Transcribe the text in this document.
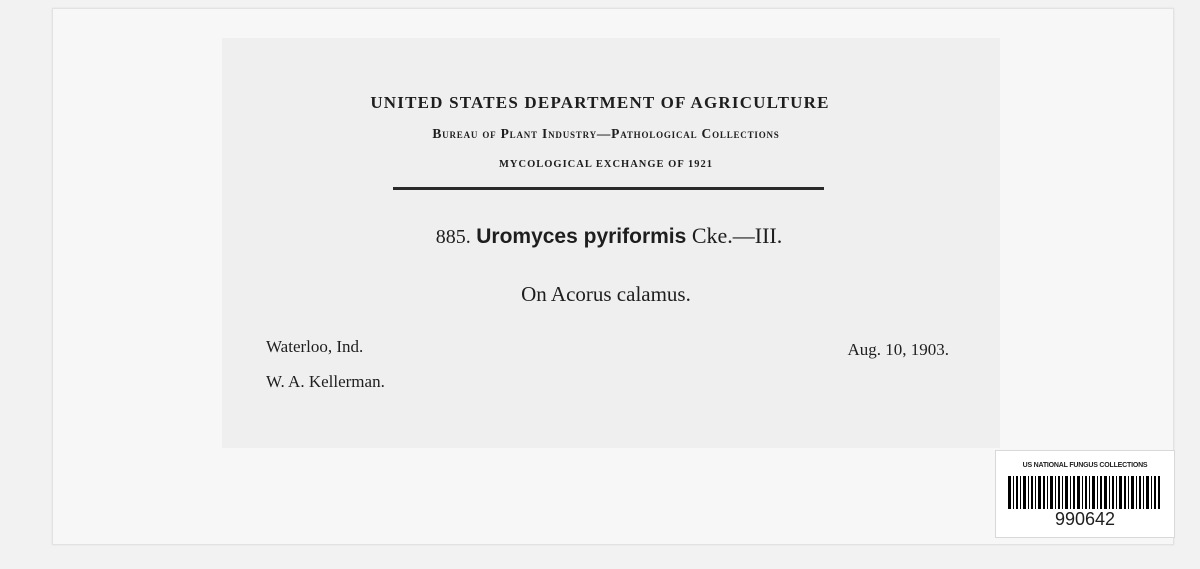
UNITED STATES DEPARTMENT OF AGRICULTURE
Bureau of Plant Industry—Pathological Collections
MYCOLOGICAL EXCHANGE OF 1921
885. Uromyces pyriformis Cke.—III.
On Acorus calamus.
Waterloo, Ind.
W. A. Kellerman.
Aug. 10, 1903.
US NATIONAL FUNGUS COLLECTIONS
990642
